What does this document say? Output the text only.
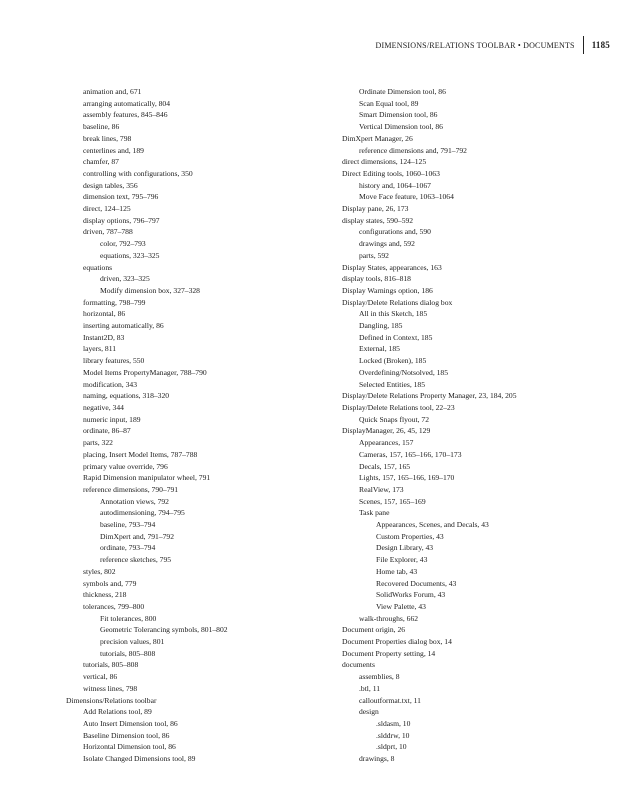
DIMENSIONS/RELATIONS TOOLBAR • DOCUMENTS	1185
animation and, 671
arranging automatically, 804
assembly features, 845–846
baseline, 86
break lines, 798
centerlines and, 189
chamfer, 87
controlling with configurations, 350
design tables, 356
dimension text, 795–796
direct, 124–125
display options, 796–797
driven, 787–788
color, 792–793
equations, 323–325
equations
driven, 323–325
Modify dimension box, 327–328
formatting, 798–799
horizontal, 86
inserting automatically, 86
Instant2D, 83
layers, 811
library features, 550
Model Items PropertyManager, 788–790
modification, 343
naming, equations, 318–320
negative, 344
numeric input, 189
ordinate, 86–87
parts, 322
placing, Insert Model Items, 787–788
primary value override, 796
Rapid Dimension manipulator wheel, 791
reference dimensions, 790–791
Annotation views, 792
autodimensioning, 794–795
baseline, 793–794
DimXpert and, 791–792
ordinate, 793–794
reference sketches, 795
styles, 802
symbols and, 779
thickness, 218
tolerances, 799–800
Fit tolerances, 800
Geometric Tolerancing symbols, 801–802
precision values, 801
tutorials, 805–808
tutorials, 805–808
vertical, 86
witness lines, 798
Dimensions/Relations toolbar
Add Relations tool, 89
Auto Insert Dimension tool, 86
Baseline Dimension tool, 86
Horizontal Dimension tool, 86
Isolate Changed Dimensions tool, 89
Ordinate Dimension tool, 86
Scan Equal tool, 89
Smart Dimension tool, 86
Vertical Dimension tool, 86
DimXpert Manager, 26
reference dimensions and, 791–792
direct dimensions, 124–125
Direct Editing tools, 1060–1063
history and, 1064–1067
Move Face feature, 1063–1064
Display pane, 26, 173
display states, 590–592
configurations and, 590
drawings and, 592
parts, 592
Display States, appearances, 163
display tools, 816–818
Display Warnings option, 186
Display/Delete Relations dialog box
All in this Sketch, 185
Dangling, 185
Defined in Context, 185
External, 185
Locked (Broken), 185
Overdefining/Notsolved, 185
Selected Entities, 185
Display/Delete Relations Property Manager, 23, 184, 205
Display/Delete Relations tool, 22–23
Quick Snaps flyout, 72
DisplayManager, 26, 45, 129
Appearances, 157
Cameras, 157, 165–166, 170–173
Decals, 157, 165
Lights, 157, 165–166, 169–170
RealView, 173
Scenes, 157, 165–169
Task pane
Appearances, Scenes, and Decals, 43
Custom Properties, 43
Design Library, 43
File Explorer, 43
Home tab, 43
Recovered Documents, 43
SolidWorks Forum, 43
View Palette, 43
walk-throughs, 662
Document origin, 26
Document Properties dialog box, 14
Document Property setting, 14
documents
assemblies, 8
.btl, 11
calloutformat.txt, 11
design
.sldasm, 10
.slddrw, 10
.sldprt, 10
drawings, 8
